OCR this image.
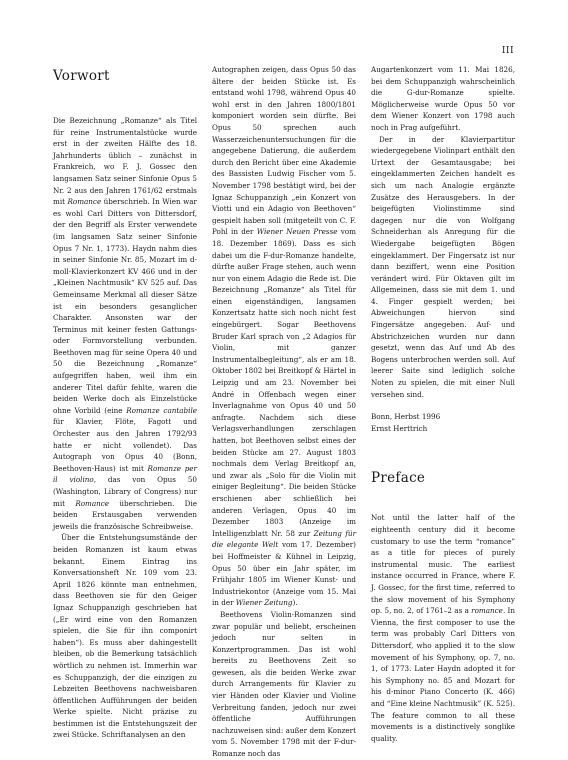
III

Vorwort

Die Bezeichnung „Romanze“ als Titel für reine Instrumentalstücke wurde erst in der zweiten Hälfte des 18. Jahrhunderts üblich – zunächst in Frankreich, wo F. J. Gossec den langsamen Satz seiner Sinfonie Opus 5 Nr. 2 aus den Jahren 1761/62 erstmals mit Romance überschrieb. In Wien war es wohl Carl Ditters von Dittersdorf, der den Begriff als Erster verwendete (im langsamen Satz seiner Sinfonie Opus 7 Nr. 1, 1773). Haydn nahm dies in seiner Sinfonie Nr. 85, Mozart im d-moll-Klavierkonzert KV 466 und in der „Kleinen Nachtmusik“ KV 525 auf. Das Gemeinsame Merkmal all dieser Sätze ist ein besonders gesanglicher Charakter. Ansonsten war der Terminus mit keiner festen Gattungs- oder Formvorstellung verbunden. Beethoven mag für seine Opera 40 und 50 die Bezeichnung „Romanze“ aufgegriffen haben, weil ihm ein anderer Titel dafür fehlte, waren die beiden Werke doch als Einzelstücke ohne Vorbild (eine Romanze cantabile für Klavier, Flöte, Fagott und Orchester aus den Jahren 1792/93 hatte er nicht vollendet). Das Autograph von Opus 40 (Bonn, Beethoven-Haus) ist mit Romanze per il violino, das von Opus 50 (Washington, Library of Congress) nur mit Romance überschrieben. Die beiden Erstausgaben verwenden jeweils die französische Schreibweise.

Über die Entstehungsumstände der beiden Romanzen ist kaum etwas bekannt. Einem Eintrag ins Konversationsheft Nr. 109 vom 23. April 1826 könnte man entnehmen, dass Beethoven sie für den Geiger Ignaz Schuppanzigh geschrieben hat („Er wird eine von den Romanzen spielen, die Sie für ihn componirt haben“). Es muss aber dahingestellt bleiben, ob die Bemerkung tatsächlich wörtlich zu nehmen ist. Immerhin war es Schuppanzigh, der die einzigen zu Lebzeiten Beethovens nachweisbaren öffentlichen Aufführungen der beiden Werke spielte. Nicht präzise zu bestimmen ist die Entstehungszeit der zwei Stücke. Schriftanalysen an den

Autographen zeigen, dass Opus 50 das ältere der beiden Stücke ist. Es entstand wohl 1798, während Opus 40 wohl erst in den Jahren 1800/1801 komponiert worden sein dürfte. Bei Opus 50 sprechen auch Wasserzeichenuntersuchungen für die angegebene Datierung, die außerdem durch den Bericht über eine Akademie des Bassisten Ludwig Fischer vom 5. November 1798 bestätigt wird, bei der Ignaz Schuppanzigh „ein Konzert von Viotti und ein Adagio von Beethoven“ gespielt haben soll (mitgeteilt von C. F. Pohl in der Wiener Neuen Presse vom 18. Dezember 1869). Dass es sich dabei um die F-dur-Romanze handelte, dürfte außer Frage stehen, auch wenn nur von einem Adagio die Rede ist. Die Bezeichnung „Romanze“ als Titel für einen eigenständigen, langsamen Konzertsatz hatte sich noch nicht fest eingebürgert. Sogar Beethovens Bruder Karl sprach von „2 Adagios für Violin, mit ganzer Instrumentalbegleitung“, als er am 18. Oktober 1802 bei Breitkopf & Härtel in Leipzig und am 23. November bei André in Offenbach wegen einer Inverlagnahme von Opus 40 und 50 anfragte. Nachdem sich diese Verlagsverhandlungen zerschlagen hatten, bot Beethoven selbst eines der beiden Stücke am 27. August 1803 nochmals dem Verlag Breitkopf an, und zwar als „Solo für die Violin mit einiger Begleitung“. Die beiden Stücke erschienen aber schließlich bei anderen Verlagen, Opus 40 im Dezember 1803 (Anzeige im Intelligenzblatt Nr. 58 zur Zeitung für die elegante Welt vom 17. Dezember) bei Hoffmeister & Kühnel in Leipzig, Opus 50 über ein Jahr später, im Frühjahr 1805 im Wiener Kunst- und Industriekontor (Anzeige vom 15. Mai in der Wiener Zeitung).

Beethovens Violin-Romanzen sind zwar populär und beliebt, erscheinen jedoch nur selten in Konzertprogrammen. Das ist wohl bereits zu Beethovens Zeit so gewesen, als die beiden Werke zwar durch Arrangements für Klavier zu vier Händen oder Klavier und Violine Verbreitung fanden, jedoch nur zwei öffentliche Aufführungen nachzuweisen sind: außer dem Konzert vom 5. November 1798 mit der F-dur-Romanze noch das

Augartenkonzert vom 11. Mai 1826, bei dem Schuppanzigh wahrscheinlich die G-dur-Romanze spielte. Möglicherweise wurde Opus 50 vor dem Wiener Konzert von 1798 auch noch in Prag aufgeführt.

Der in der Klavierpartitur wiedergegebene Violinpart enthält den Urtext der Gesamtausgabe; bei eingeklammerten Zeichen handelt es sich um nach Analogie ergänzte Zusätze des Herausgebers. In der beigefügten Violinstimme sind dagegen nur die von Wolfgang Schneiderhan als Anregung für die Wiedergabe beigefügten Bögen eingeklammert. Der Fingersatz ist nur dann beziffert, wenn eine Position verändert wird. Für Oktaven gilt im Allgemeinen, dass sie mit dem 1. und 4. Finger gespielt werden; bei Abweichungen hiervon sind Fingersätze angegeben. Auf- und Abstrichzeichen wurden nur dann gesetzt, wenn das Auf und Ab des Bogens unterbrochen werden soll. Auf leerer Saite sind lediglich solche Noten zu spielen, die mit einer Null versehen sind.

Bonn, Herbst 1996
Ernst Herttrich

Preface

Not until the latter half of the eighteenth century did it become customary to use the term “romance” as a title for pieces of purely instrumental music. The earliest instance occurred in France, where F. J. Gossec, for the first time, referred to the slow movement of his Symphony op. 5, no. 2, of 1761–2 as a romance. In Vienna, the first composer to use the term was probably Carl Ditters von Dittersdorf, who applied it to the slow movement of his Symphony, op. 7, no. 1, of 1773. Later Haydn adopted it for his Symphony no. 85 and Mozart for his d-minor Piano Concerto (K. 466) and “Eine kleine Nachtmusik” (K. 525). The feature common to all these movements is a distinctively songlike quality.
